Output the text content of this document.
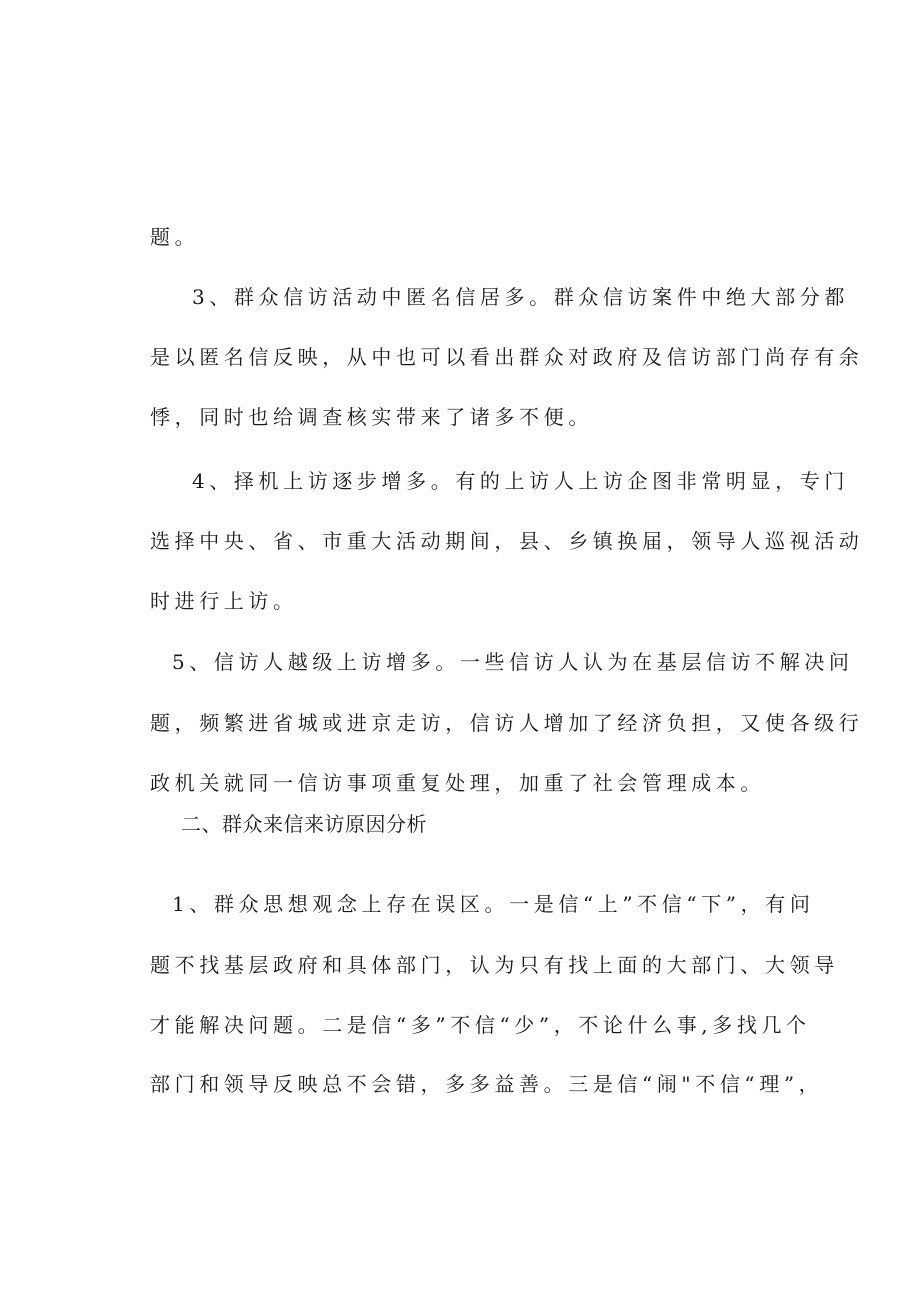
题。

3、群众信访活动中匿名信居多。群众信访案件中绝大部分都

是以匿名信反映，从中也可以看出群众对政府及信访部门尚存有余

悸，同时也给调查核实带来了诸多不便。

4、择机上访逐步增多。有的上访人上访企图非常明显，专门

选择中央、省、市重大活动期间，县、乡镇换届，领导人巡视活动

时进行上访。

5、信访人越级上访增多。一些信访人认为在基层信访不解决问

题，频繁进省城或进京走访，信访人增加了经济负担，又使各级行

政机关就同一信访事项重复处理，加重了社会管理成本。

二、群众来信来访原因分析

1、群众思想观念上存在误区。一是信“上”不信“下”，有问

题不找基层政府和具体部门，认为只有找上面的大部门、大领导

才能解决问题。二是信“多”不信“少”，不论什么事,多找几个

部门和领导反映总不会错，多多益善。三是信“闹"不信“理”，
